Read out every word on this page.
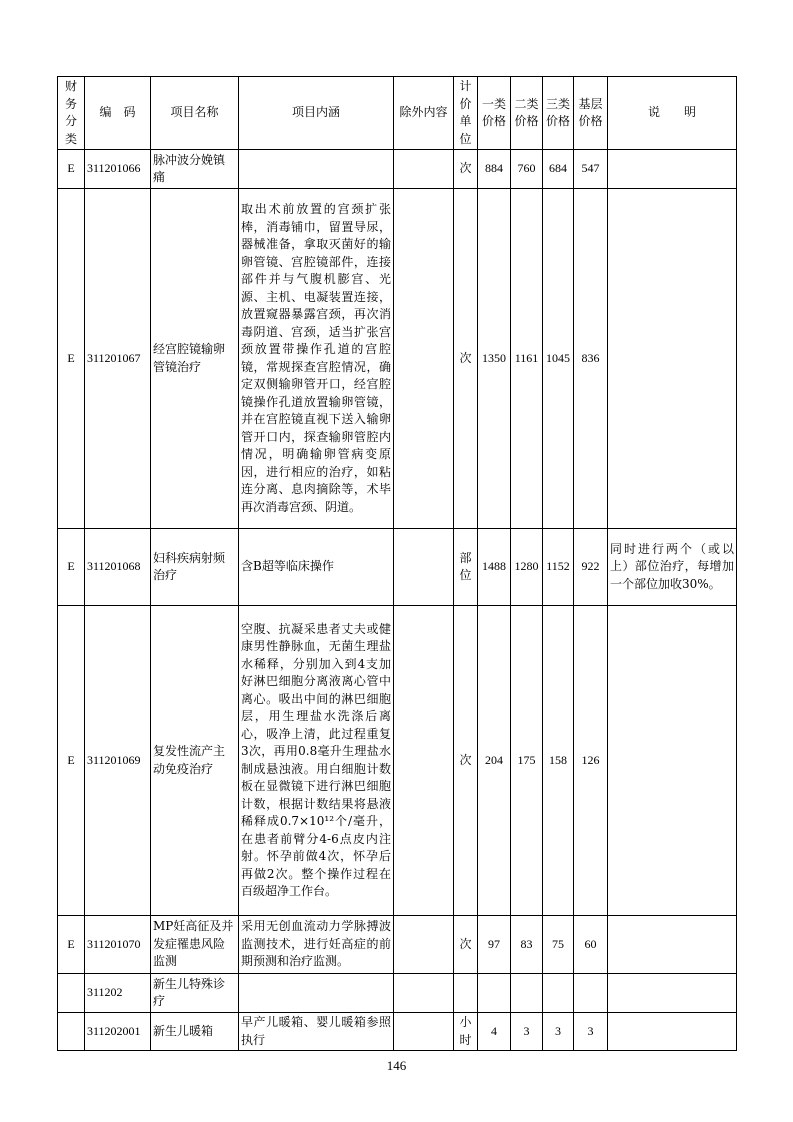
财务分类	编　码	项目名称	项目内涵	除外内容	计价单位	一类价格	二类价格	三类价格	基层价格	说　　明
E	311201066	脉冲波分娩镇痛			次	884	760	684	547	
E	311201067	经宫腔镜输卵管镜治疗	取出术前放置的宫颈扩张棒，消毒铺巾，留置导尿，器械准备，拿取灭菌好的输卵管镜、宫腔镜部件，连接部件并与气腹机膨宫、光源、主机、电凝装置连接，放置窥器暴露宫颈，再次消毒阴道、宫颈，适当扩张宫颈放置带操作孔道的宫腔镜，常规探查宫腔情况，确定双侧输卵管开口，经宫腔镜操作孔道放置输卵管镜，并在宫腔镜直视下送入输卵管开口内，探查输卵管腔内情况，明确输卵管病变原因，进行相应的治疗，如粘连分离、息肉摘除等，术毕再次消毒宫颈、阴道。		次	1350	1161	1045	836	
E	311201068	妇科疾病射频治疗	含B超等临床操作		部位	1488	1280	1152	922	同时进行两个（或以上）部位治疗，每增加一个部位加收30%。
E	311201069	复发性流产主动免疫治疗	空腹、抗凝采患者丈夫或健康男性静脉血，无菌生理盐水稀释，分别加入到4支加好淋巴细胞分离液离心管中离心。吸出中间的淋巴细胞层，用生理盐水洗涤后离心，吸净上清，此过程重复3次，再用0.8毫升生理盐水制成悬浊液。用白细胞计数板在显微镜下进行淋巴细胞计数，根据计数结果将悬液稀释成0.7×10¹²个/毫升，在患者前臂分4-6点皮内注射。怀孕前做4次，怀孕后再做2次。整个操作过程在百级超净工作台。		次	204	175	158	126	
E	311201070	MP妊高征及并发症罹患风险监测	采用无创血流动力学脉搏波监测技术，进行妊高症的前期预测和治疗监测。		次	97	83	75	60	
	311202	新生儿特殊诊疗								
	311202001	新生儿暖箱	早产儿暖箱、婴儿暖箱参照执行		小时	4	3	3	3	
146
